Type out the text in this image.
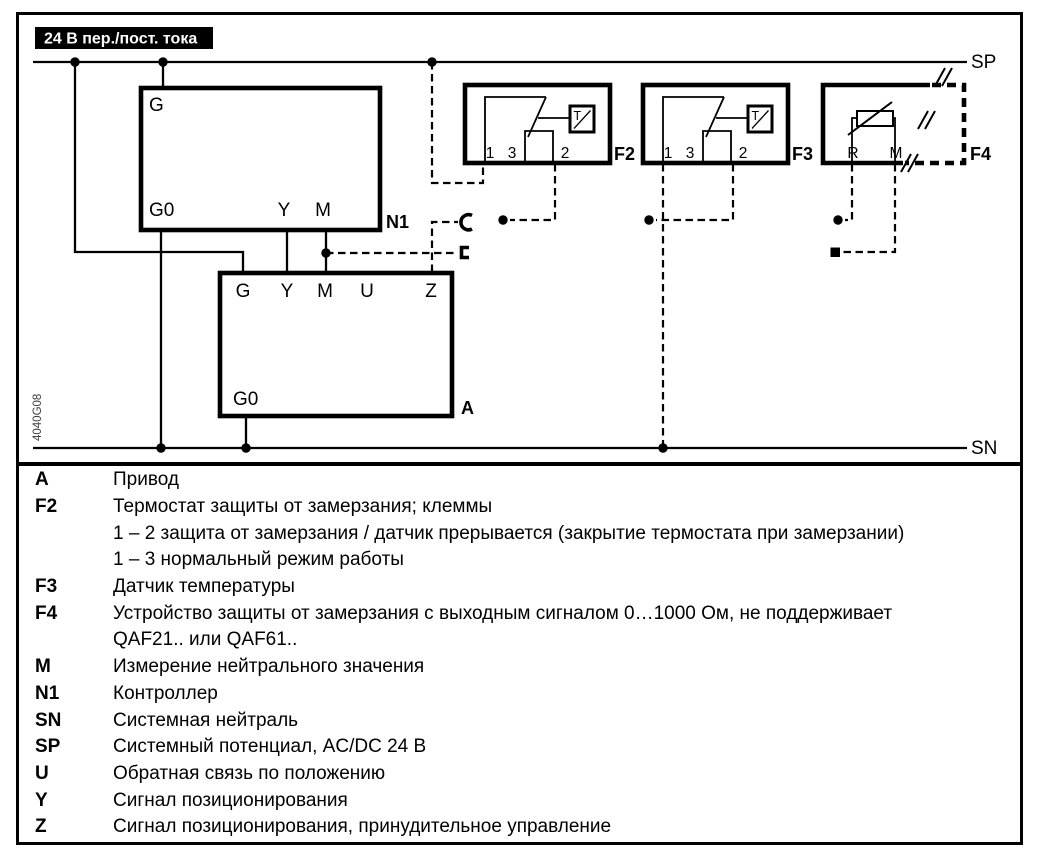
SP
SN
G
G0	Y M
N1
G Y M U	Z
G0	A
T
1 3	2 F2
T
1 3	2 F3 R M	F4
24 В пер./пост. тока
4040G08
A	Привод
F2	Термостат защиты от замерзания; клеммы
1 – 2 защита от замерзания / датчик прерывается (закрытие термостата при замерзании)
1 – 3 нормальный режим работы
F3	Датчик температуры
F4	Устройство защиты от замерзания с выходным сигналом 0…1000 Ом, не поддерживает
QAF21.. или QAF61..
M	Измерение нейтрального значения
N1	Контроллер
SN	Системная нейтраль
SP	Системный потенциал, AC/DC 24 В
U	Обратная связь по положению
Y	Сигнал позиционирования
Z	Сигнал позиционирования, принудительное управление
